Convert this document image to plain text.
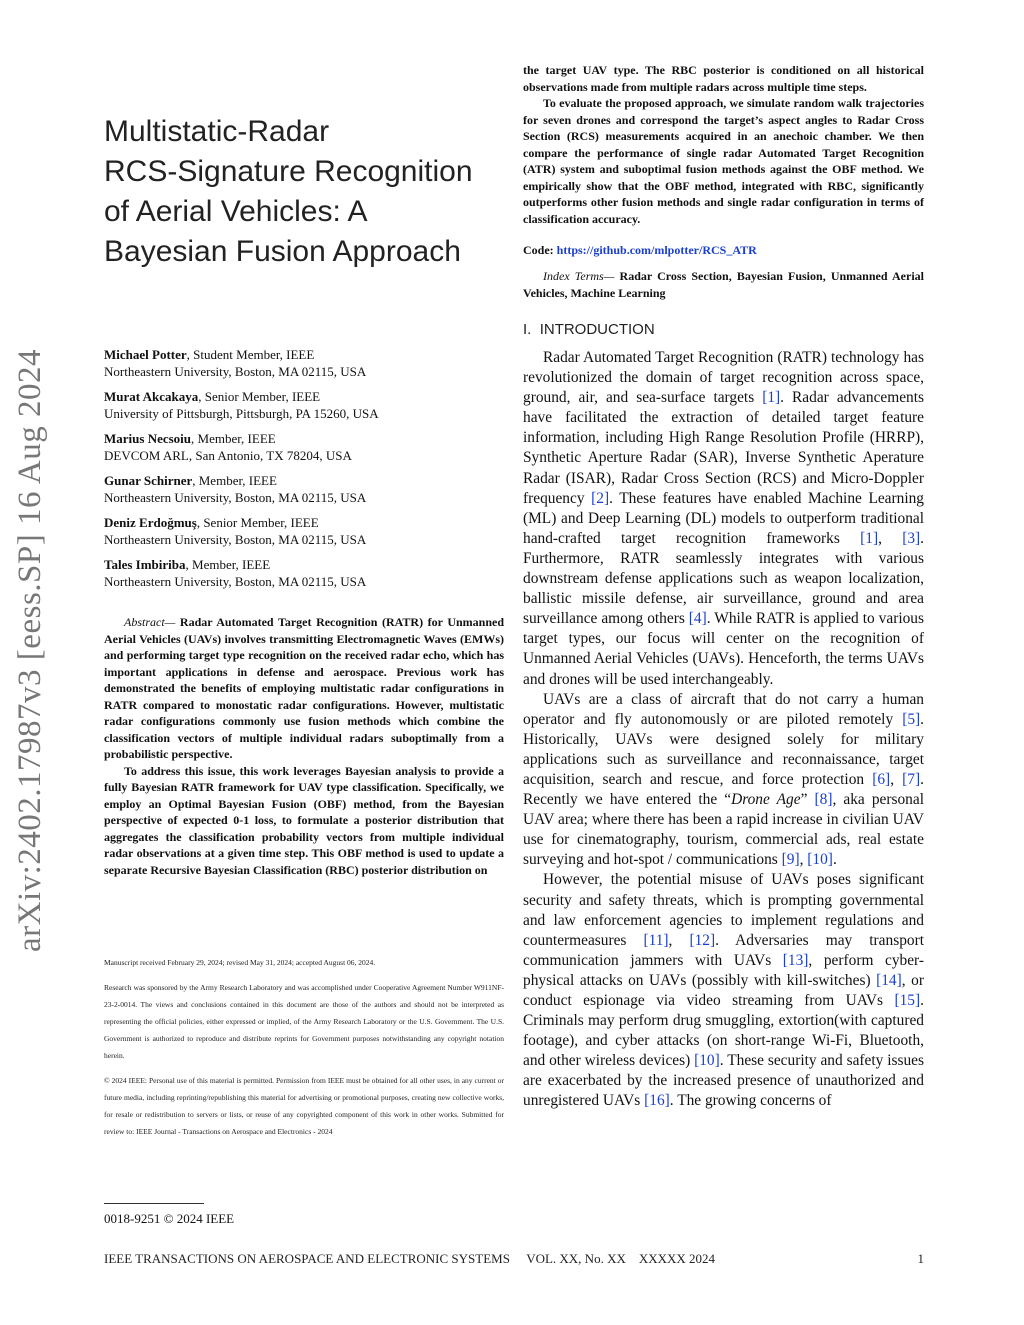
arXiv:2402.17987v3 [eess.SP] 16 Aug 2024
Multistatic-Radar
RCS-Signature Recognition
of Aerial Vehicles: A
Bayesian Fusion Approach
Michael Potter, Student Member, IEEE
Northeastern University, Boston, MA 02115, USA
Murat Akcakaya, Senior Member, IEEE
University of Pittsburgh, Pittsburgh, PA 15260, USA
Marius Necsoiu, Member, IEEE
DEVCOM ARL, San Antonio, TX 78204, USA
Gunar Schirner, Member, IEEE
Northeastern University, Boston, MA 02115, USA
Deniz Erdoğmuş, Senior Member, IEEE
Northeastern University, Boston, MA 02115, USA
Tales Imbiriba, Member, IEEE
Northeastern University, Boston, MA 02115, USA

Abstract— Radar Automated Target Recognition (RATR) for Unmanned Aerial Vehicles (UAVs) involves transmitting Electromagnetic Waves (EMWs) and performing target type recognition on the received radar echo, which has important applications in defense and aerospace. Previous work has demonstrated the benefits of employing multistatic radar configurations in RATR compared to monostatic radar configurations. However, multistatic radar configurations commonly use fusion methods which combine the classification vectors of multiple individual radars suboptimally from a probabilistic perspective.

To address this issue, this work leverages Bayesian analysis to provide a fully Bayesian RATR framework for UAV type classification. Specifically, we employ an Optimal Bayesian Fusion (OBF) method, from the Bayesian perspective of expected 0-1 loss, to formulate a posterior distribution that aggregates the classification probability vectors from multiple individual radar observations at a given time step. This OBF method is used to update a separate Recursive Bayesian Classification (RBC) posterior distribution on

Manuscript received February 29, 2024; revised May 31, 2024; accepted August 06, 2024.

Research was sponsored by the Army Research Laboratory and was accomplished under Cooperative Agreement Number W911NF-23-2-0014. The views and conclusions contained in this document are those of the authors and should not be interpreted as representing the official policies, either expressed or implied, of the Army Research Laboratory or the U.S. Government. The U.S. Government is authorized to reproduce and distribute reprints for Government purposes notwithstanding any copyright notation herein.

© 2024 IEEE: Personal use of this material is permitted. Permission from IEEE must be obtained for all other uses, in any current or future media, including reprinting/republishing this material for advertising or promotional purposes, creating new collective works, for resale or redistribution to servers or lists, or reuse of any copyrighted component of this work in other works. Submitted for review to: IEEE Journal - Transactions on Aerospace and Electronics - 2024

0018-9251 © 2024 IEEE

the target UAV type. The RBC posterior is conditioned on all historical observations made from multiple radars across multiple time steps.

To evaluate the proposed approach, we simulate random walk trajectories for seven drones and correspond the target’s aspect angles to Radar Cross Section (RCS) measurements acquired in an anechoic chamber. We then compare the performance of single radar Automated Target Recognition (ATR) system and suboptimal fusion methods against the OBF method. We empirically show that the OBF method, integrated with RBC, significantly outperforms other fusion methods and single radar configuration in terms of classification accuracy.

Code: https://github.com/mlpotter/RCS_ATR
Index Terms— Radar Cross Section, Bayesian Fusion, Unmanned Aerial Vehicles, Machine Learning
I. INTRODUCTION

Radar Automated Target Recognition (RATR) technology has revolutionized the domain of target recognition across space, ground, air, and sea-surface targets [1]. Radar advancements have facilitated the extraction of detailed target feature information, including High Range Resolution Profile (HRRP), Synthetic Aperture Radar (SAR), Inverse Synthetic Aperature Radar (ISAR), Radar Cross Section (RCS) and Micro-Doppler frequency [2]. These features have enabled Machine Learning (ML) and Deep Learning (DL) models to outperform traditional hand-crafted target recognition frameworks [1], [3]. Furthermore, RATR seamlessly integrates with various downstream defense applications such as weapon localization, ballistic missile defense, air surveillance, ground and area surveillance among others [4]. While RATR is applied to various target types, our focus will center on the recognition of Unmanned Aerial Vehicles (UAVs). Henceforth, the terms UAVs and drones will be used interchangeably.

UAVs are a class of aircraft that do not carry a human operator and fly autonomously or are piloted remotely [5]. Historically, UAVs were designed solely for military applications such as surveillance and reconnaissance, target acquisition, search and rescue, and force protection [6], [7]. Recently we have entered the “Drone Age” [8], aka personal UAV area; where there has been a rapid increase in civilian UAV use for cinematography, tourism, commercial ads, real estate surveying and hot-spot / communications [9], [10].

However, the potential misuse of UAVs poses significant security and safety threats, which is prompting governmental and law enforcement agencies to implement regulations and countermeasures [11], [12]. Adversaries may transport communication jammers with UAVs [13], perform cyber-physical attacks on UAVs (possibly with kill-switches) [14], or conduct espionage via video streaming from UAVs [15]. Criminals may perform drug smuggling, extortion(with captured footage), and cyber attacks (on short-range Wi-Fi, Bluetooth, and other wireless devices) [10]. These security and safety issues are exacerbated by the increased presence of unauthorized and unregistered UAVs [16]. The growing concerns of

IEEE TRANSACTIONS ON AEROSPACE AND ELECTRONIC SYSTEMS VOL. XX, No. XX XXXXX 2024	1
